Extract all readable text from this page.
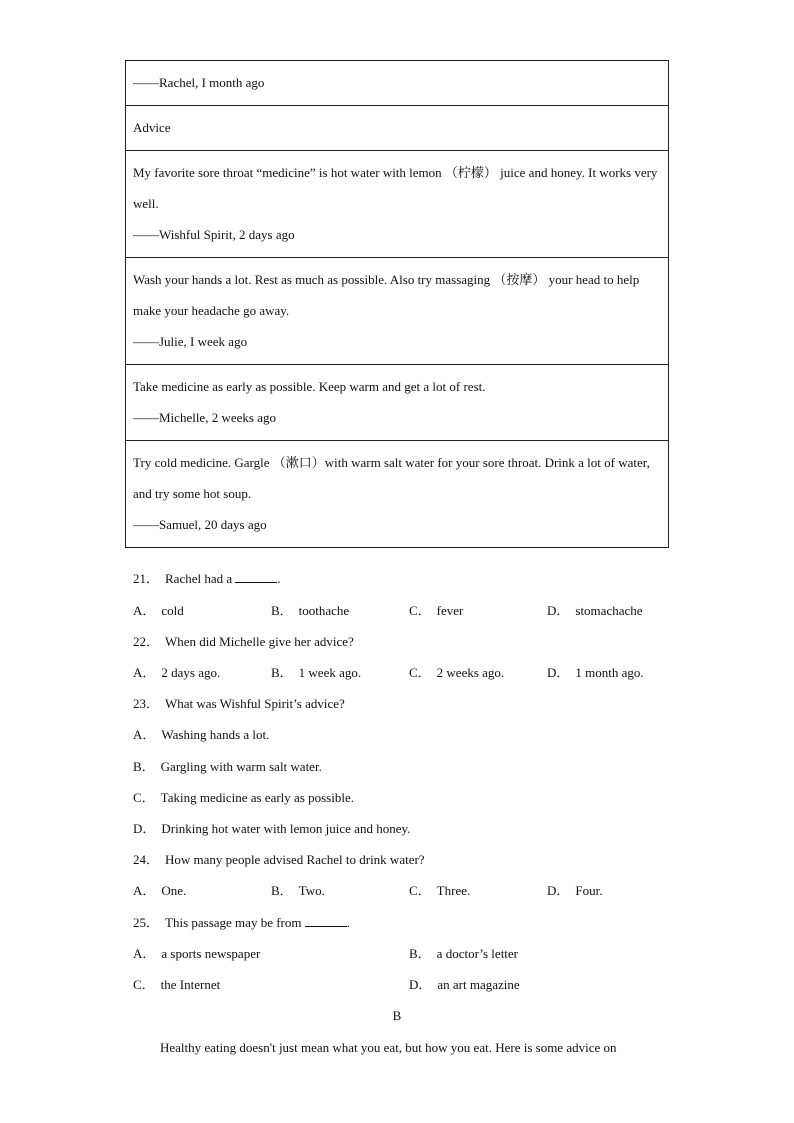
——Rachel, I month ago
Advice

My favorite sore throat “medicine” is hot water with lemon （柠檬） juice and honey. It works very well.
——Wishful Spirit, 2 days ago

Wash your hands a lot. Rest as much as possible. Also try massaging （按摩） your head to help make your headache go away.
——Julie, I week ago

Take medicine as early as possible. Keep warm and get a lot of rest.
——Michelle, 2 weeks ago

Try cold medicine. Gargle （漱口）with warm salt water for your sore throat. Drink a lot of water, and try some hot soup.
——Samuel, 20 days ago
21． Rachel had a	.
A． cold	B． toothache	C． fever	D． stomachache
22． When did Michelle give her advice?
A． 2 days ago.	B． 1 week ago.	C． 2 weeks ago.	D． 1 month ago.
23． What was Wishful Spirit’s advice?
A． Washing hands a lot.
B． Gargling with warm salt water.
C． Taking medicine as early as possible.
D． Drinking hot water with lemon juice and honey.
24． How many people advised Rachel to drink water?
A． One.	B． Two.	C． Three.	D． Four.
25． This passage may be from	.
A． a sports newspaper	B． a doctor’s letter
C． the Internet	D． an art magazine
B
Healthy eating doesn't just mean what you eat, but how you eat. Here is some advice on
